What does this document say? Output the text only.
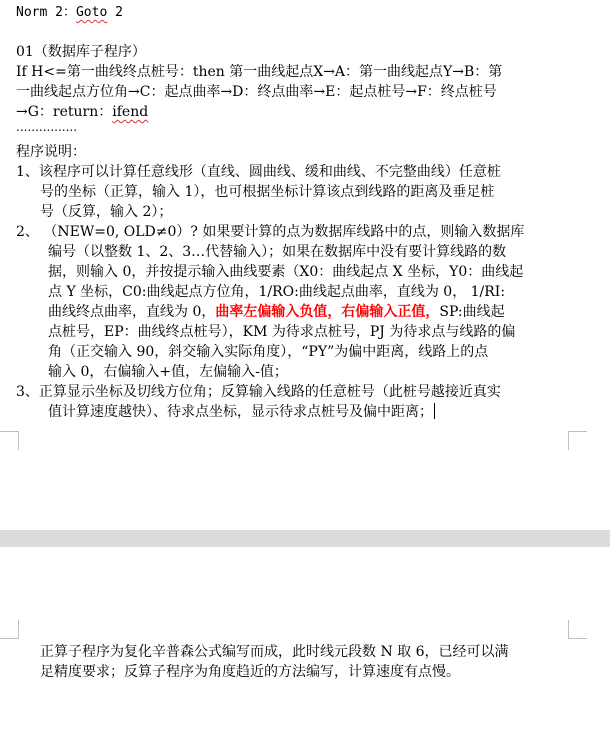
Norm 2：Goto 2
01（数据库子程序）
If H<=第一曲线终点桩号：then 第一曲线起点X→A：第一曲线起点Y→B：第
一曲线起点方位角→C：起点曲率→D：终点曲率→E：起点桩号→F：终点桩号
→G：return：ifend
................
程序说明：
1、该程序可以计算任意线形（直线、圆曲线、缓和曲线、不完整曲线）任意桩
号的坐标（正算，输入 1），也可根据坐标计算该点到线路的距离及垂足桩
号（反算，输入 2）；
2、 （NEW=0, OLD≠0）? 如果要计算的点为数据库线路中的点，则输入数据库
编号（以整数 1、2、3…代替输入）；如果在数据库中没有要计算线路的数
据，则输入 0，并按提示输入曲线要素（X0：曲线起点 X 坐标，Y0：曲线起
点 Y 坐标，C0:曲线起点方位角，1/RO:曲线起点曲率，直线为 0， 1/RI:
曲线终点曲率，直线为 0，曲率左偏输入负值，右偏输入正值，SP:曲线起
点桩号，EP：曲线终点桩号），KM 为待求点桩号，PJ 为待求点与线路的偏
角（正交输入 90，斜交输入实际角度），“PY”为偏中距离，线路上的点
输入 0，右偏输入+值，左偏输入-值；
3、正算显示坐标及切线方位角；反算输入线路的任意桩号（此桩号越接近真实
值计算速度越快）、待求点坐标，显示待求点桩号及偏中距离；
正算子程序为复化辛普森公式编写而成，此时线元段数 N 取 6，已经可以满
足精度要求；反算子程序为角度趋近的方法编写，计算速度有点慢。
